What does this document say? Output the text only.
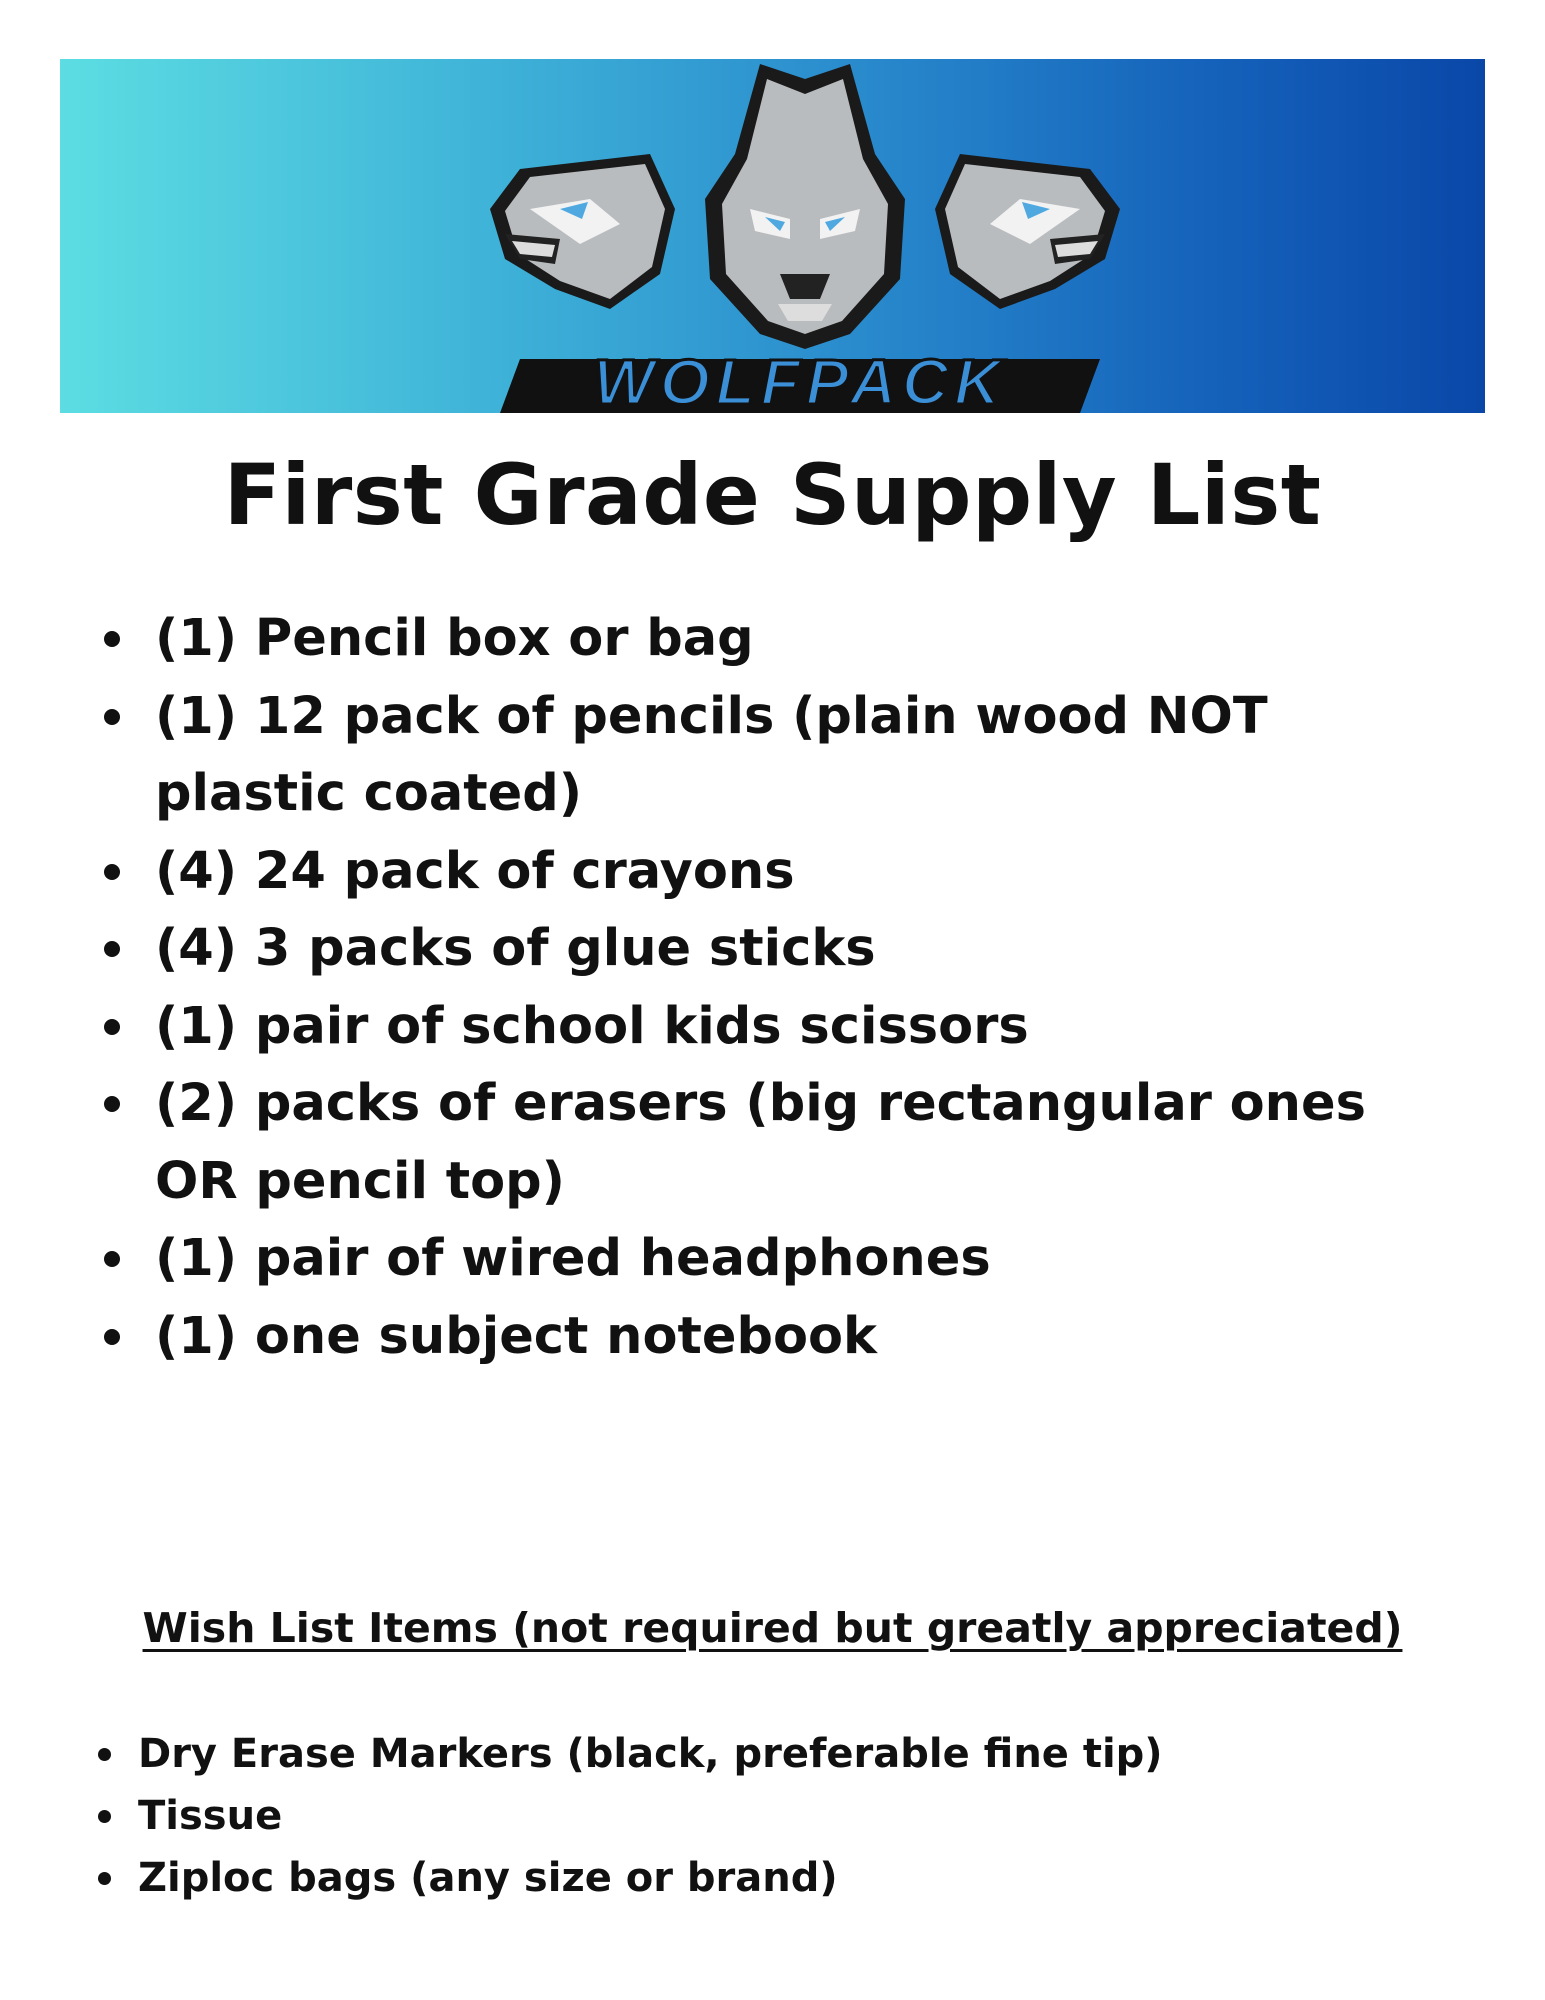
WOLFPACK
First Grade Supply List
(1) Pencil box or bag
(1) 12 pack of pencils (plain wood NOT plastic coated)
(4) 24 pack of crayons
(4) 3 packs of glue sticks
(1) pair of school kids scissors
(2) packs of erasers (big rectangular ones OR pencil top)
(1) pair of wired headphones
(1) one subject notebook
Wish List Items (not required but greatly appreciated)
Dry Erase Markers (black, preferable fine tip)
Tissue
Ziploc bags (any size or brand)
